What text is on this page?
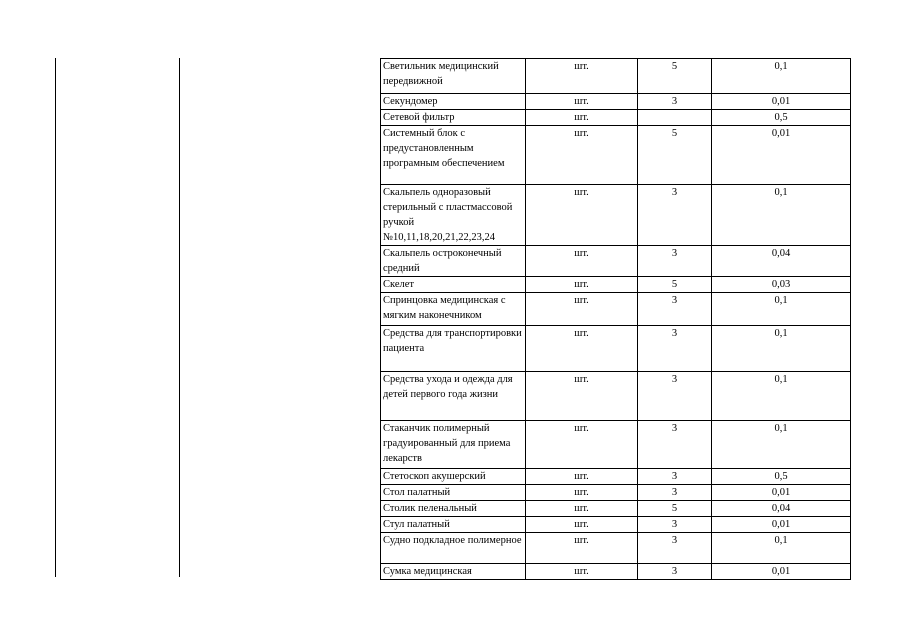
Светильник медицинский передвижной	шт.	5	0,1
Секундомер	шт.	3	0,01
Сетевой фильтр	шт.		0,5
Системный блок с предустановленным програмным обеспечением	шт.	5	0,01
Скальпель одноразовый стерильный с пластмассовой ручкой №10,11,18,20,21,22,23,24	шт.	3	0,1
Скальпель остроконечный средний	шт.	3	0,04
Скелет	шт.	5	0,03
Спринцовка медицинская с мягким наконечником	шт.	3	0,1
Средства для транспортировки пациента	шт.	3	0,1
Средства ухода и одежда для детей первого года жизни	шт.	3	0,1
Стаканчик полимерный градуированный для приема лекарств	шт.	3	0,1
Стетоскоп акушерский	шт.	3	0,5
Стол палатный	шт.	3	0,01
Столик пеленальный	шт.	5	0,04
Стул палатный	шт.	3	0,01
Судно подкладное полимерное	шт.	3	0,1
Сумка медицинская	шт.	3	0,01
